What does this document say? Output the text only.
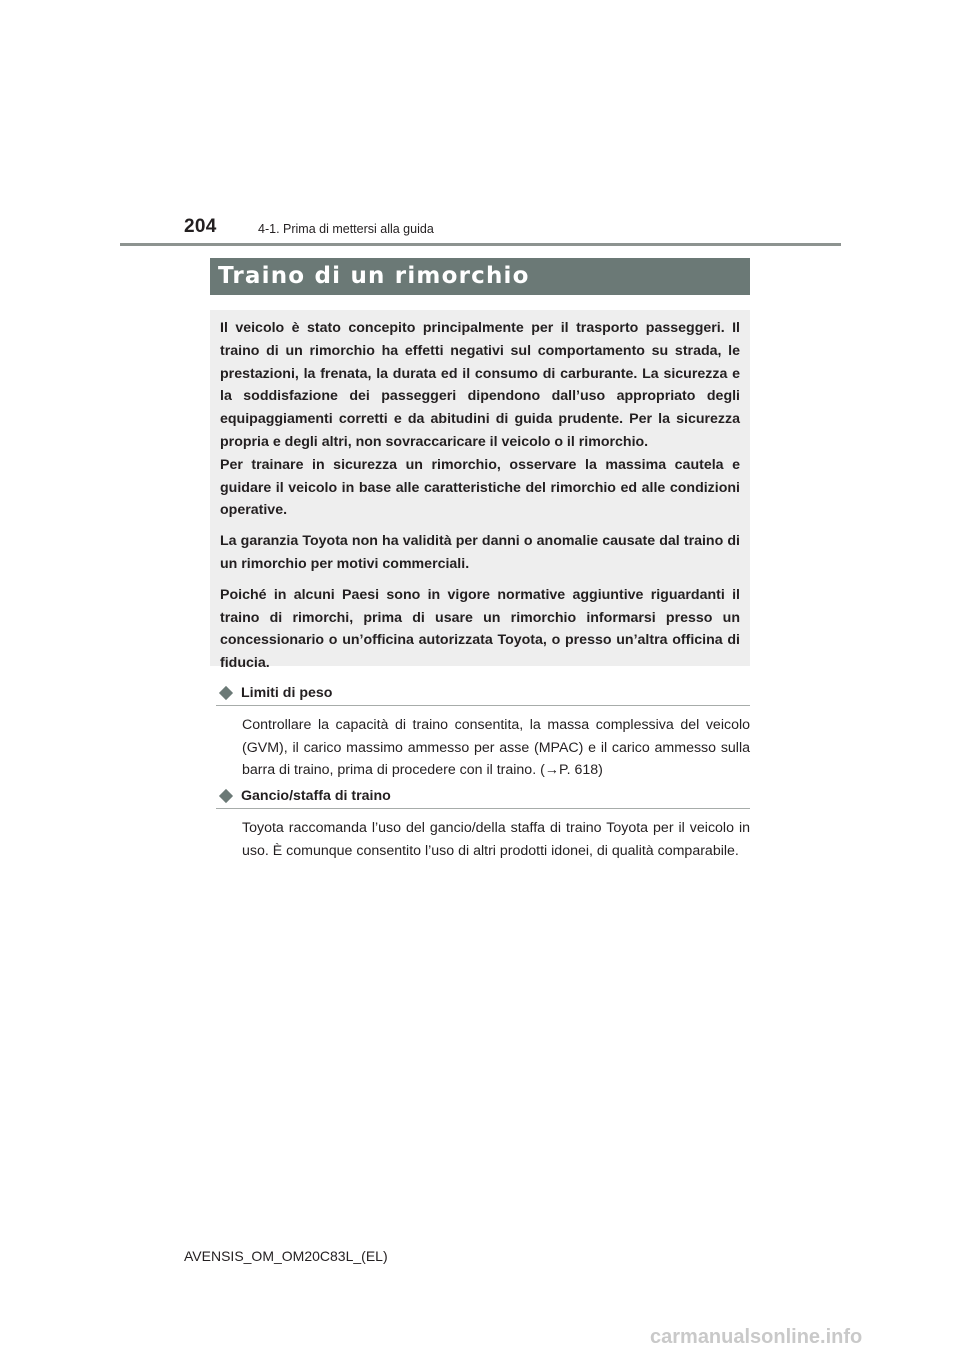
204	4-1. Prima di mettersi alla guida
Traino di un rimorchio

Il veicolo è stato concepito principalmente per il trasporto passeggeri. Il traino di un rimorchio ha effetti negativi sul comportamento su strada, le prestazioni, la frenata, la durata ed il consumo di carburante. La sicurezza e la soddisfazione dei passeggeri dipendono dall’uso appropriato degli equipaggiamenti corretti e da abitudini di guida prudente. Per la sicurezza propria e degli altri, non sovraccaricare il veicolo o il rimorchio.
Per trainare in sicurezza un rimorchio, osservare la massima cautela e guidare il veicolo in base alle caratteristiche del rimorchio ed alle condizioni operative.

La garanzia Toyota non ha validità per danni o anomalie causate dal traino di un rimorchio per motivi commerciali.

Poiché in alcuni Paesi sono in vigore normative aggiuntive riguardanti il traino di rimorchi, prima di usare un rimorchio informarsi presso un concessionario o un’officina autorizzata Toyota, o presso un’altra officina di fiducia.

Limiti di peso
Controllare la capacità di traino consentita, la massa complessiva del veicolo (GVM), il carico massimo ammesso per asse (MPAC) e il carico ammesso sulla barra di traino, prima di procedere con il traino. (→P. 618)
Gancio/staffa di traino
Toyota raccomanda l’uso del gancio/della staffa di traino Toyota per il veicolo in uso. È comunque consentito l’uso di altri prodotti idonei, di qualità comparabile.
AVENSIS_OM_OM20C83L_(EL)
carmanualsonline.info
